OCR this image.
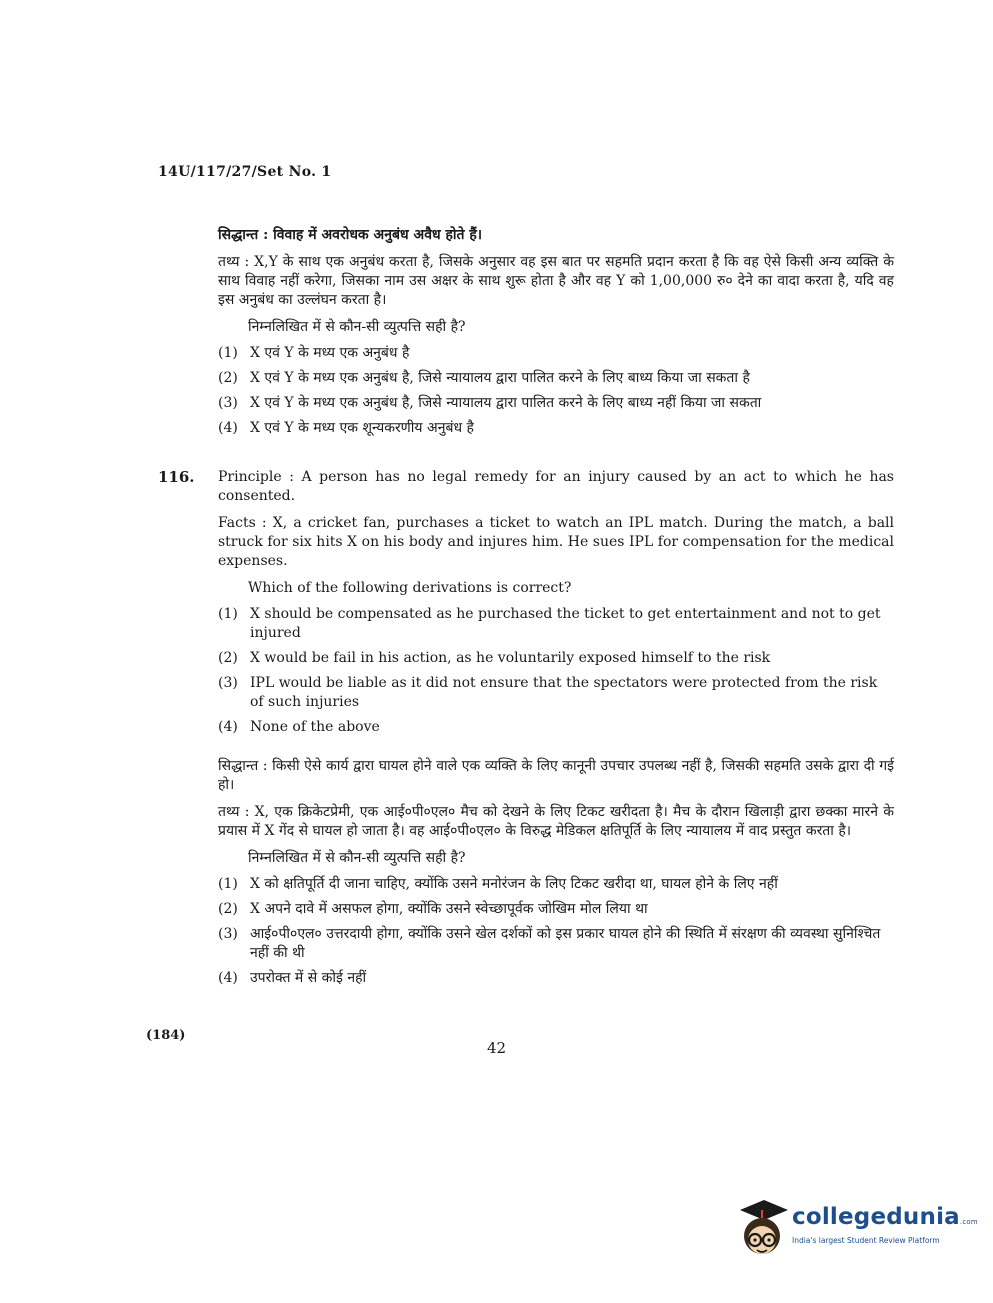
14U/117/27/Set No. 1

सिद्धान्त : विवाह में अवरोधक अनुबंध अवैध होते हैं।

तथ्य : X,Y के साथ एक अनुबंध करता है, जिसके अनुसार वह इस बात पर सहमति प्रदान करता है कि वह ऐसे किसी अन्य व्यक्ति के साथ विवाह नहीं करेगा, जिसका नाम उस अक्षर के साथ शुरू होता है और वह Y को 1,00,000 रु० देने का वादा करता है, यदि वह इस अनुबंध का उल्लंघन करता है।

निम्नलिखित में से कौन-सी व्युत्पत्ति सही है?

(1) X एवं Y के मध्य एक अनुबंध है
(2) X एवं Y के मध्य एक अनुबंध है, जिसे न्यायालय द्वारा पालित करने के लिए बाध्य किया जा सकता है
(3) X एवं Y के मध्य एक अनुबंध है, जिसे न्यायालय द्वारा पालित करने के लिए बाध्य नहीं किया जा सकता
(4) X एवं Y के मध्य एक शून्यकरणीय अनुबंध है
116. Principle : A person has no legal remedy for an injury caused by an act to which he has consented.

Facts : X, a cricket fan, purchases a ticket to watch an IPL match. During the match, a ball struck for six hits X on his body and injures him. He sues IPL for compensation for the medical expenses.

Which of the following derivations is correct?

(1) X should be compensated as he purchased the ticket to get entertainment and not to get injured
(2) X would be fail in his action, as he voluntarily exposed himself to the risk
(3) IPL would be liable as it did not ensure that the spectators were protected from the risk of such injuries
(4) None of the above

सिद्धान्त : किसी ऐसे कार्य द्वारा घायल होने वाले एक व्यक्ति के लिए कानूनी उपचार उपलब्ध नहीं है, जिसकी सहमति उसके द्वारा दी गई हो।

तथ्य : X, एक क्रिकेटप्रेमी, एक आई०पी०एल० मैच को देखने के लिए टिकट खरीदता है। मैच के दौरान खिलाड़ी द्वारा छक्का मारने के प्रयास में X गेंद से घायल हो जाता है। वह आई०पी०एल० के विरुद्ध मेडिकल क्षतिपूर्ति के लिए न्यायालय में वाद प्रस्तुत करता है।

निम्नलिखित में से कौन-सी व्युत्पत्ति सही है?

(1) X को क्षतिपूर्ति दी जाना चाहिए, क्योंकि उसने मनोरंजन के लिए टिकट खरीदा था, घायल होने के लिए नहीं
(2) X अपने दावे में असफल होगा, क्योंकि उसने स्वेच्छापूर्वक जोखिम मोल लिया था
(3) आई०पी०एल० उत्तरदायी होगा, क्योंकि उसने खेल दर्शकों को इस प्रकार घायल होने की स्थिति में संरक्षण की व्यवस्था सुनिश्चित नहीं की थी
(4) उपरोक्त में से कोई नहीं
(184)
42
collegedunia.com
India's largest Student Review Platform
